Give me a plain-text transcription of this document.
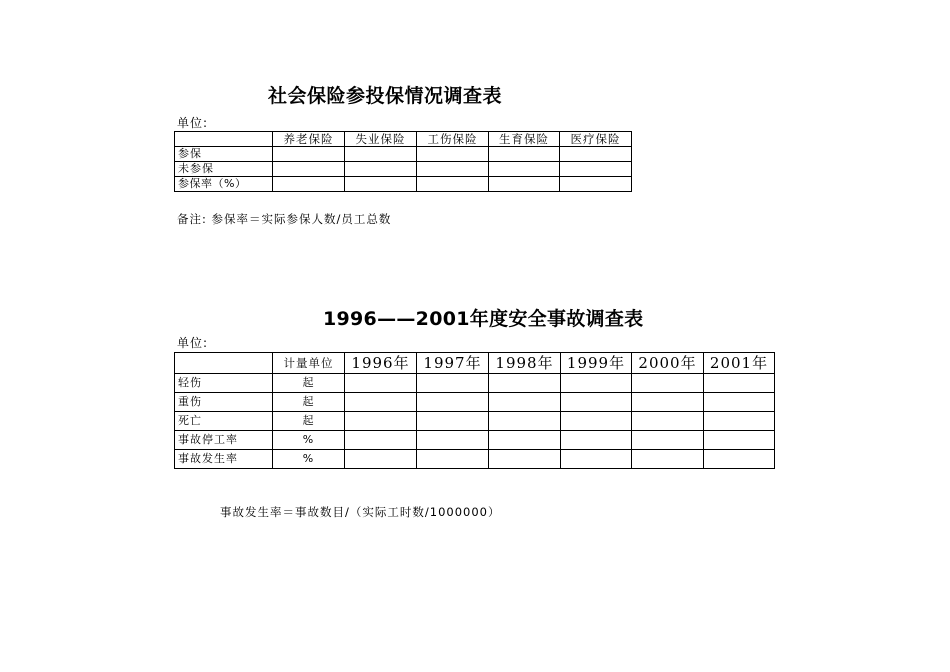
社会保险参投保情况调查表
单位:
	养老保险	失业保险	工伤保险	生育保险	医疗保险
参保					
未参保					
参保率（%）					
备注: 参保率＝实际参保人数/员工总数
1996——2001年度安全事故调查表
单位:
	计量单位	1996年	1997年	1998年	1999年	2000年	2001年
轻伤	起						
重伤	起						
死亡	起						
事故停工率	%						
事故发生率	%						
事故发生率＝事故数目/（实际工时数/1000000）
